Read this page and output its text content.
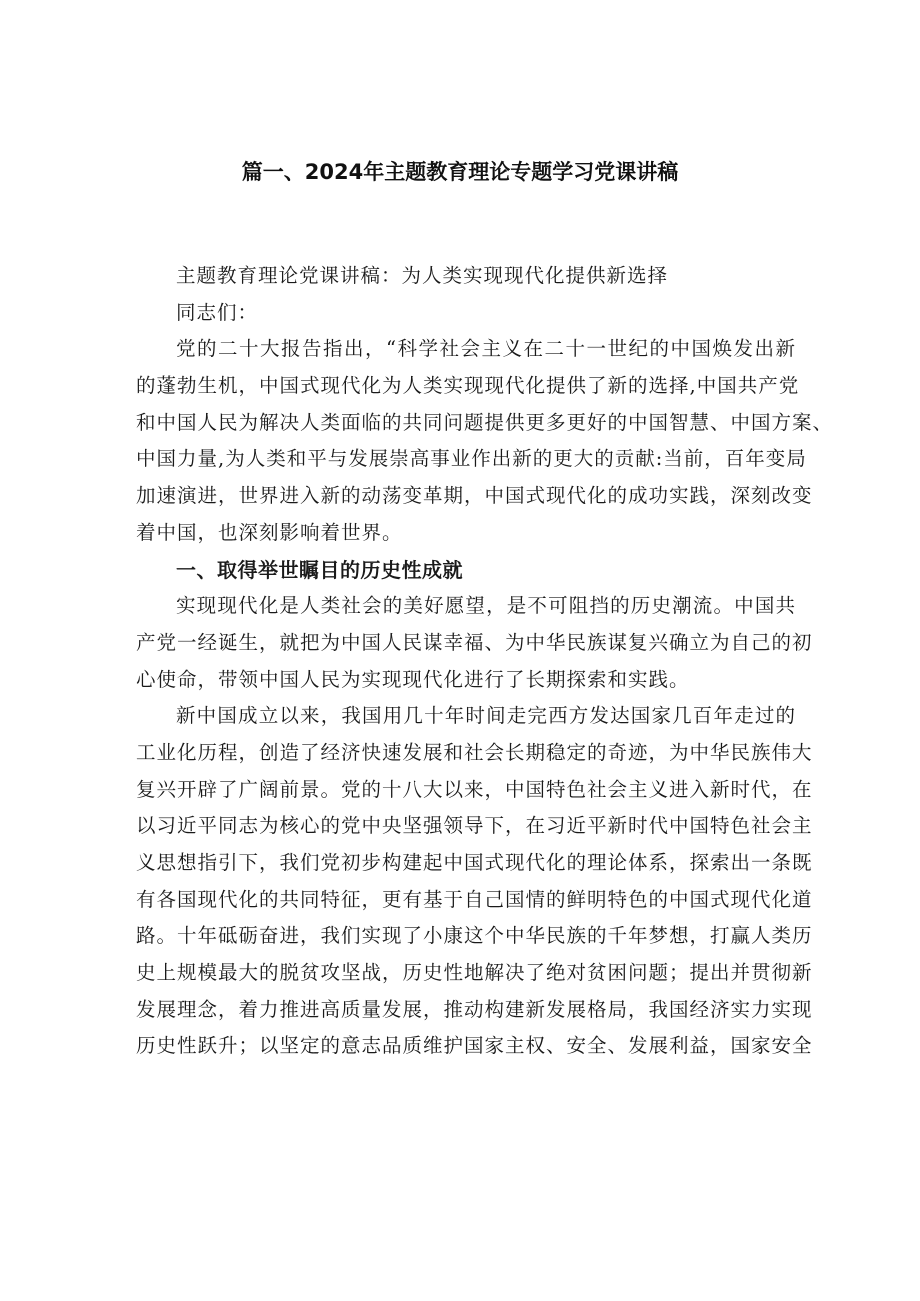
篇一、2024年主题教育理论专题学习党课讲稿
主题教育理论党课讲稿：为人类实现现代化提供新选择
同志们：
党的二十大报告指出，“科学社会主义在二十一世纪的中国焕发出新
的蓬勃生机，中国式现代化为人类实现现代化提供了新的选择,中国共产党
和中国人民为解决人类面临的共同问题提供更多更好的中国智慧、中国方案、
中国力量,为人类和平与发展崇高事业作出新的更大的贡献:当前，百年变局
加速演进，世界进入新的动荡变革期，中国式现代化的成功实践，深刻改变
着中国，也深刻影响着世界。
一、取得举世瞩目的历史性成就
实现现代化是人类社会的美好愿望，是不可阻挡的历史潮流。中国共
产党一经诞生，就把为中国人民谋幸福、为中华民族谋复兴确立为自己的初
心使命，带领中国人民为实现现代化进行了长期探索和实践。
新中国成立以来，我国用几十年时间走完西方发达国家几百年走过的
工业化历程，创造了经济快速发展和社会长期稳定的奇迹，为中华民族伟大
复兴开辟了广阔前景。党的十八大以来，中国特色社会主义进入新时代，在
以习近平同志为核心的党中央坚强领导下，在习近平新时代中国特色社会主
义思想指引下，我们党初步构建起中国式现代化的理论体系，探索出一条既
有各国现代化的共同特征，更有基于自己国情的鲜明特色的中国式现代化道
路。十年砥砺奋进，我们实现了小康这个中华民族的千年梦想，打赢人类历
史上规模最大的脱贫攻坚战，历史性地解决了绝对贫困问题；提出并贯彻新
发展理念，着力推进高质量发展，推动构建新发展格局，我国经济实力实现
历史性跃升；以坚定的意志品质维护国家主权、安全、发展利益，国家安全
